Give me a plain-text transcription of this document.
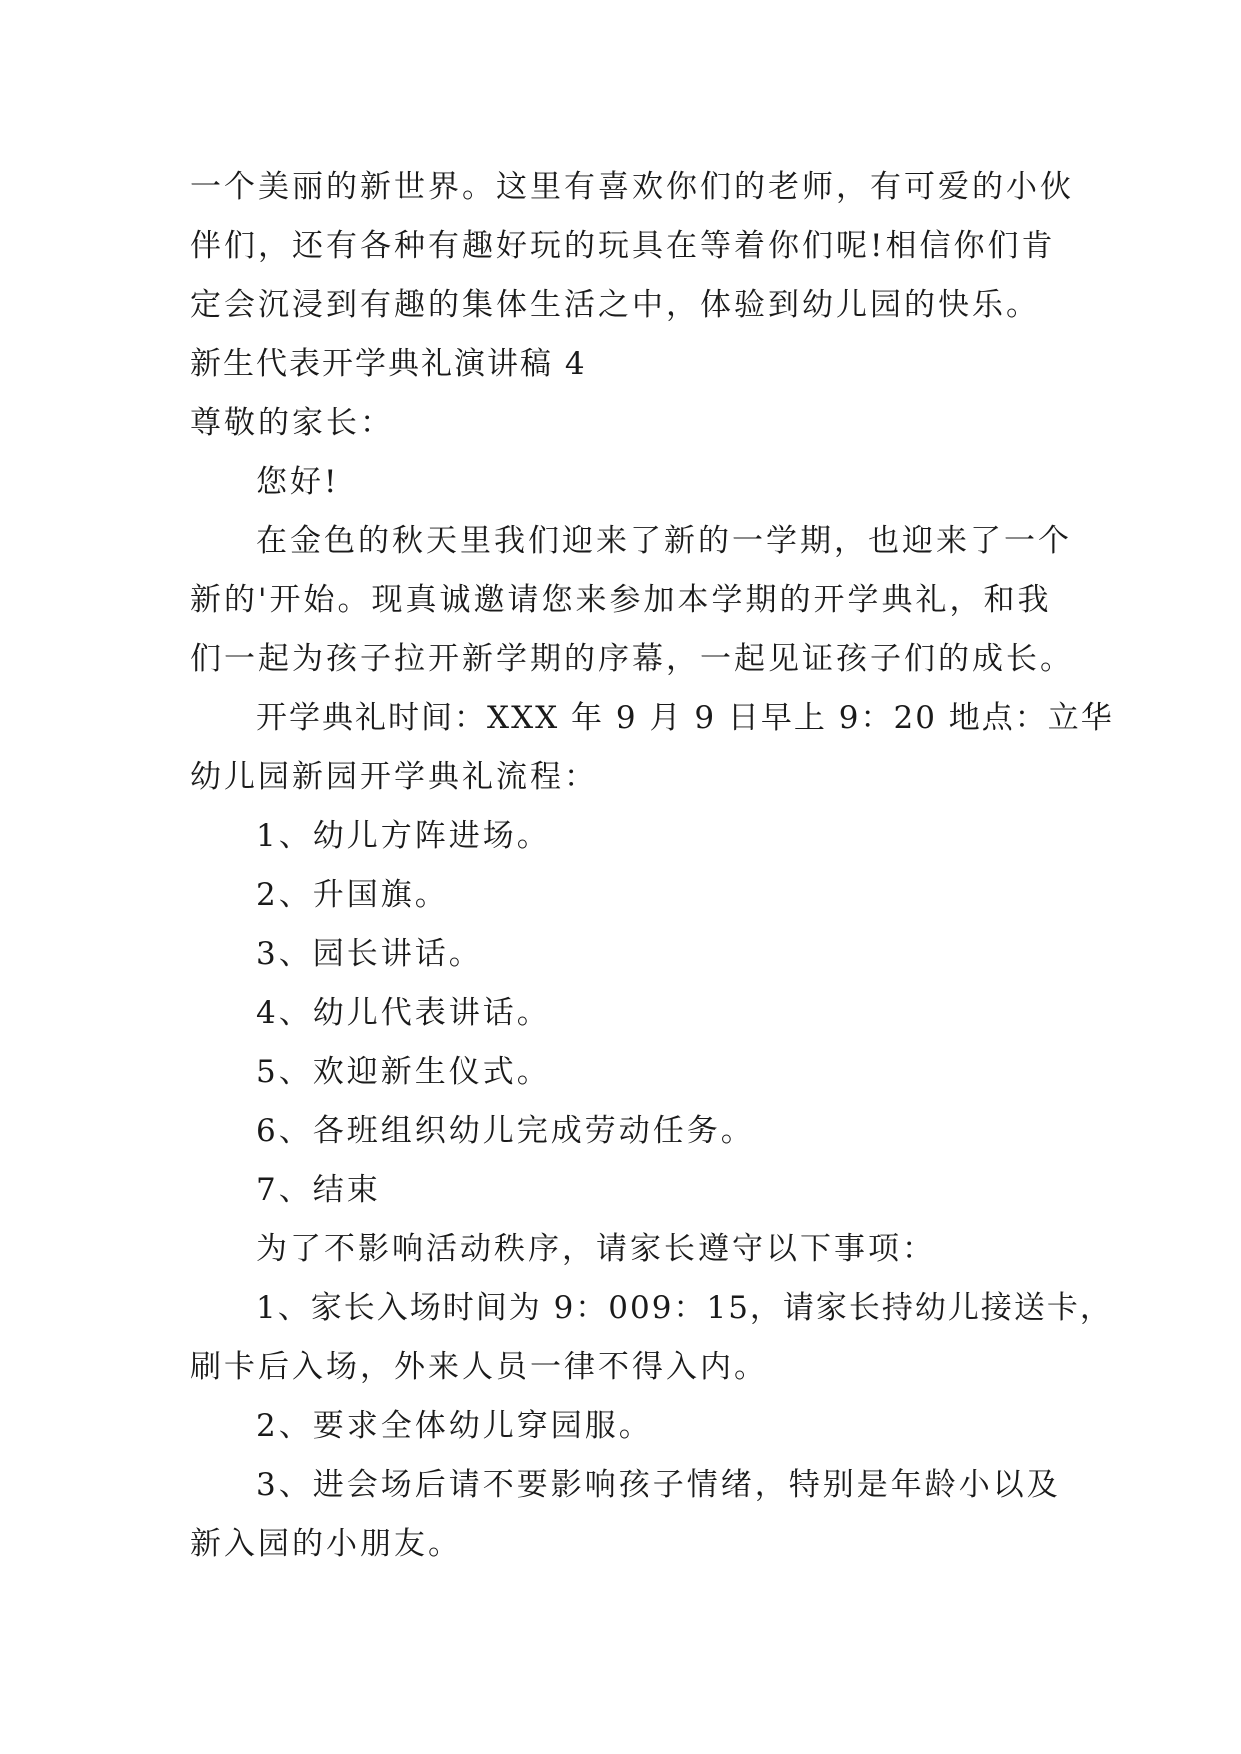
一个美丽的新世界。这里有喜欢你们的老师，有可爱的小伙
伴们，还有各种有趣好玩的玩具在等着你们呢!相信你们肯
定会沉浸到有趣的集体生活之中，体验到幼儿园的快乐。
新生代表开学典礼演讲稿 4
尊敬的家长：
您好!
在金色的秋天里我们迎来了新的一学期，也迎来了一个
新的'开始。现真诚邀请您来参加本学期的开学典礼，和我
们一起为孩子拉开新学期的序幕，一起见证孩子们的成长。
开学典礼时间：XXX 年 9 月 9 日早上 9：20 地点：立华
幼儿园新园开学典礼流程：
1、幼儿方阵进场。
2、升国旗。
3、园长讲话。
4、幼儿代表讲话。
5、欢迎新生仪式。
6、各班组织幼儿完成劳动任务。
7、结束
为了不影响活动秩序，请家长遵守以下事项：
1、家长入场时间为 9：009：15，请家长持幼儿接送卡，
刷卡后入场，外来人员一律不得入内。
2、要求全体幼儿穿园服。
3、进会场后请不要影响孩子情绪，特别是年龄小以及
新入园的小朋友。
